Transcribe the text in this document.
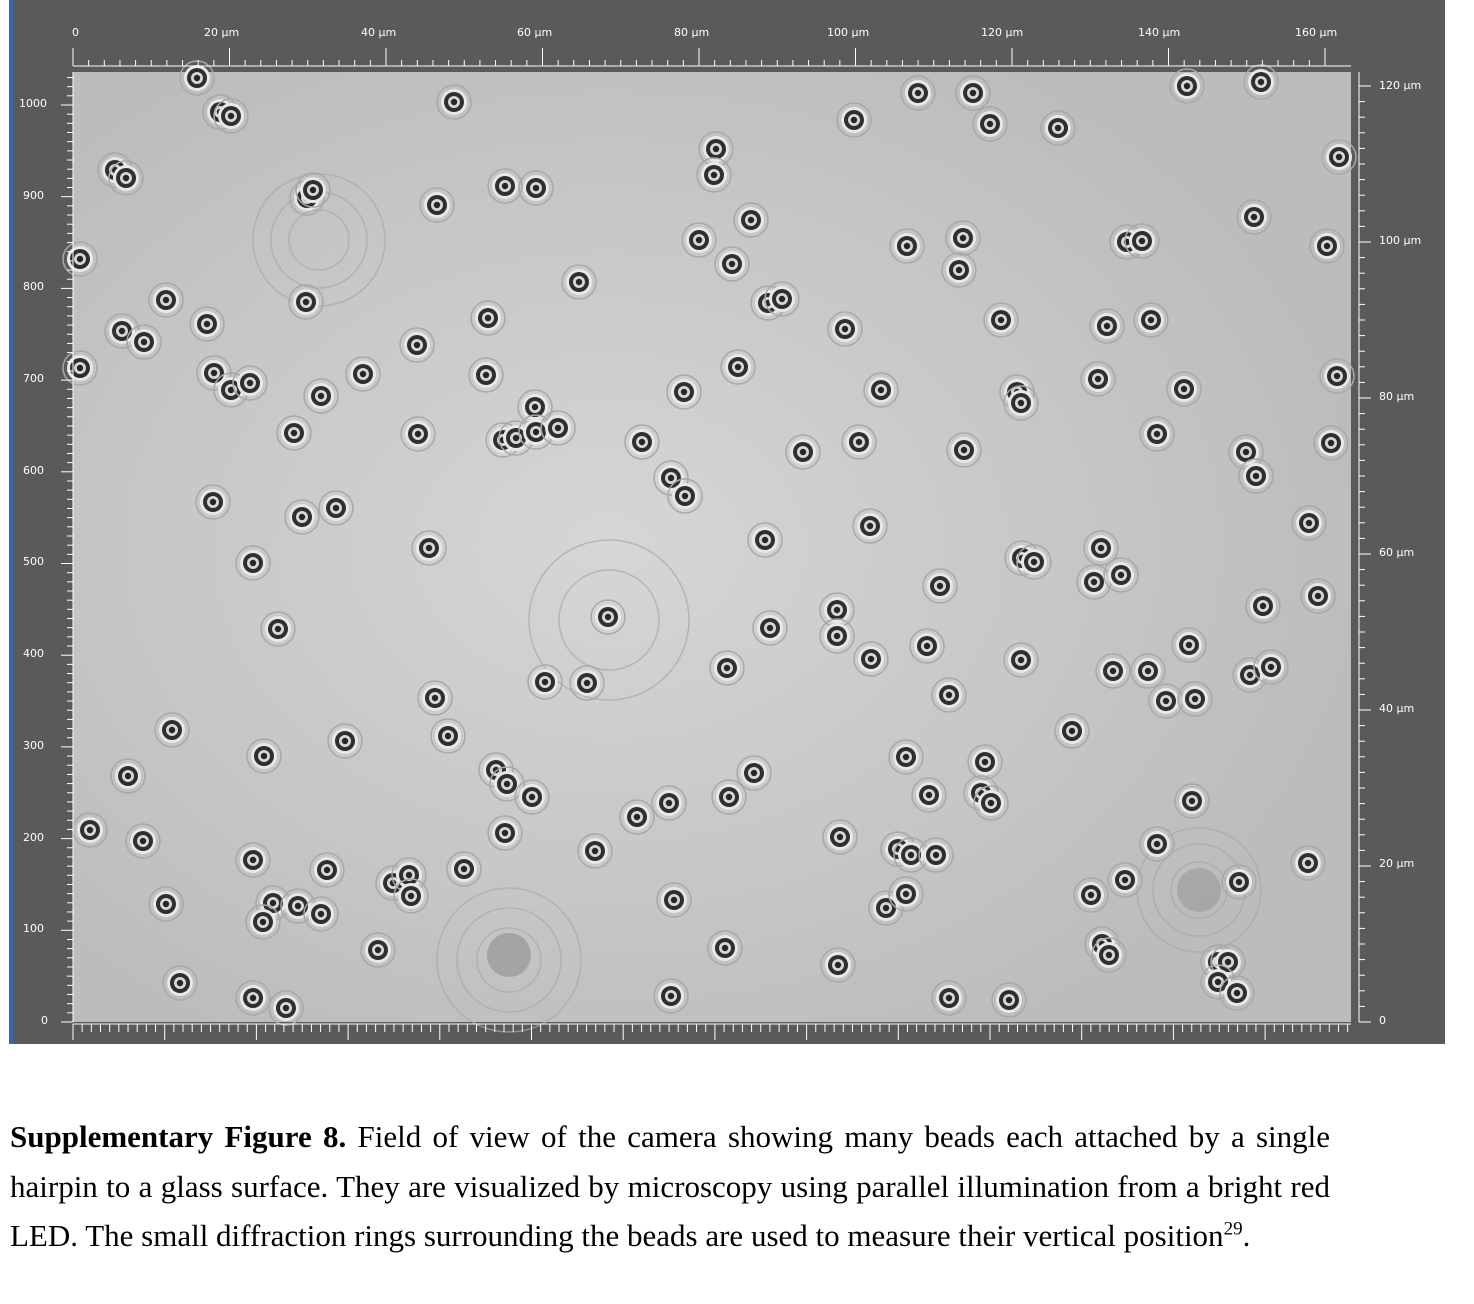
0	20 µm	40 µm	60 µm	80 µm	100 µm	120 µm	140 µm	160 µm
1000
900
800
700
600
500
400
300
200
100
0
120 µm
100 µm
80 µm
60 µm
40 µm
20 µm
0
Supplementary Figure 8. Field of view of the camera showing many beads each attached by a single hairpin to a glass surface. They are visualized by microscopy using parallel illumination from a bright red LED. The small diffraction rings surrounding the beads are used to measure their vertical position$^{29}$.
